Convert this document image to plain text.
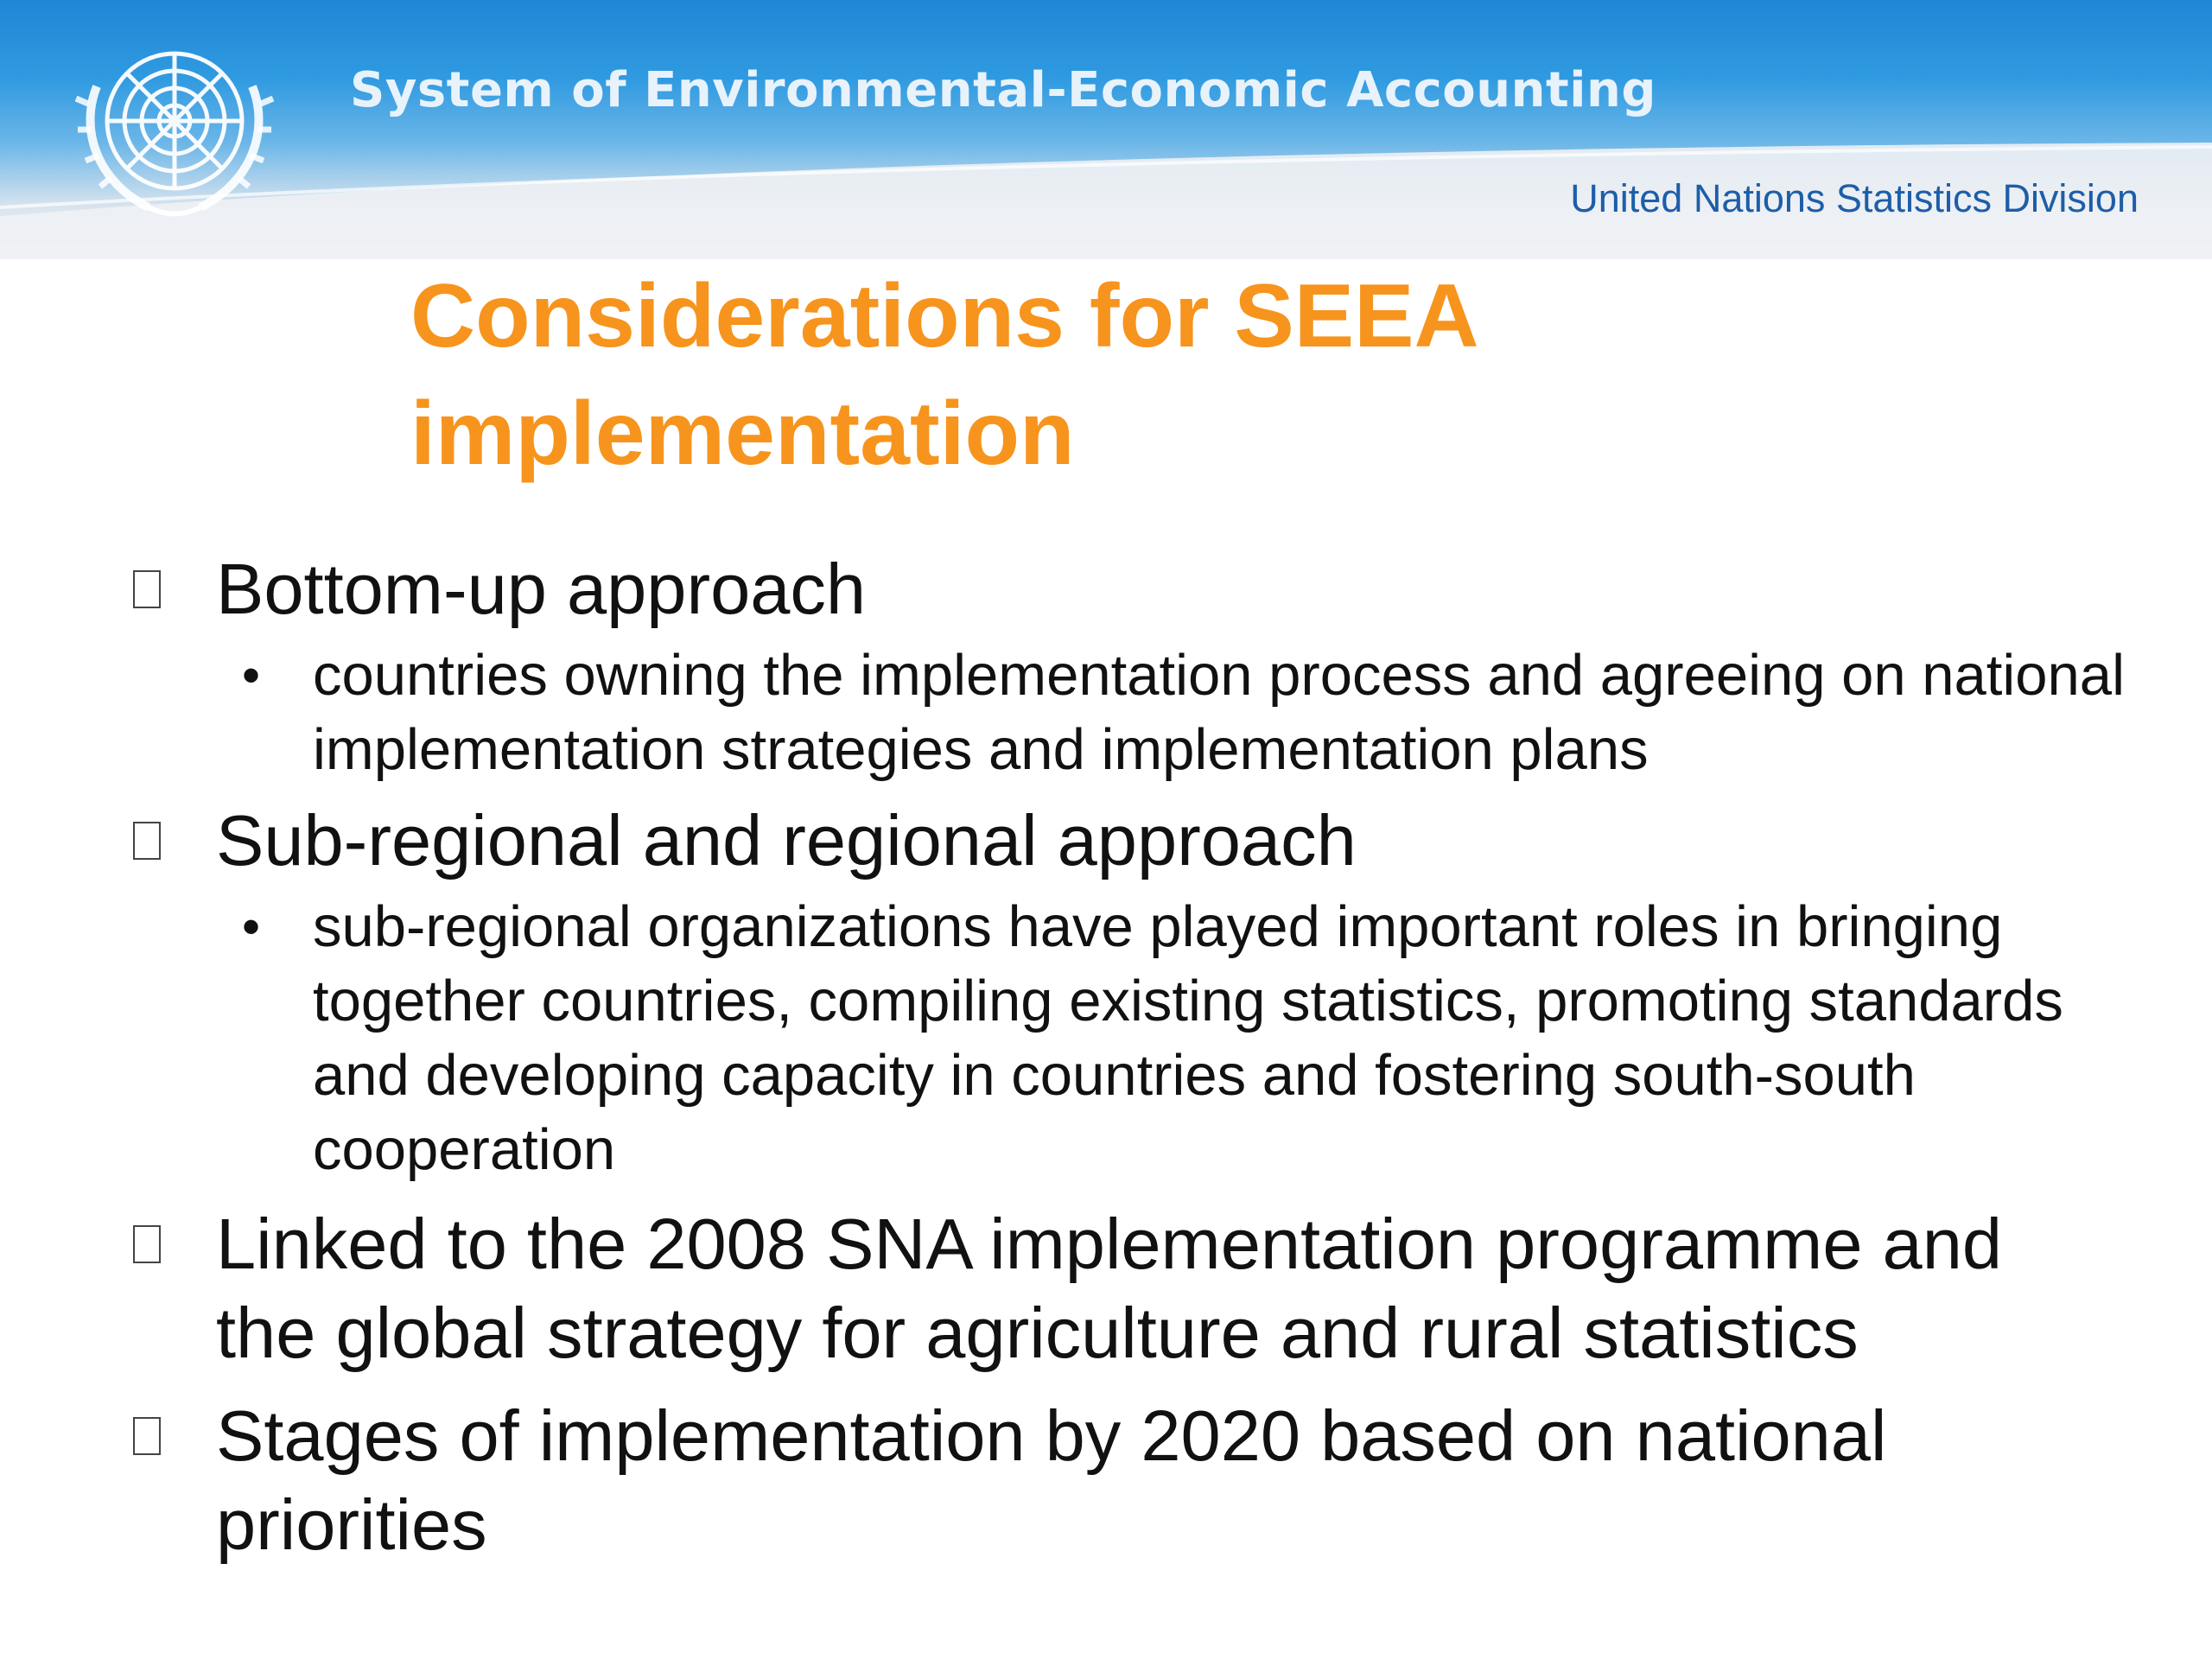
System of Environmental-Economic Accounting
United Nations Statistics Division
Considerations for SEEA implementation
Bottom-up approach
• countries owning the implementation process and agreeing on national implementation strategies and implementation plans
Sub-regional and regional approach
• sub-regional organizations have played important roles in bringing together countries, compiling existing statistics, promoting standards and developing capacity in countries and fostering south-south cooperation
Linked to the 2008 SNA implementation programme and the global strategy for agriculture and rural statistics
Stages of implementation by 2020 based on national priorities
